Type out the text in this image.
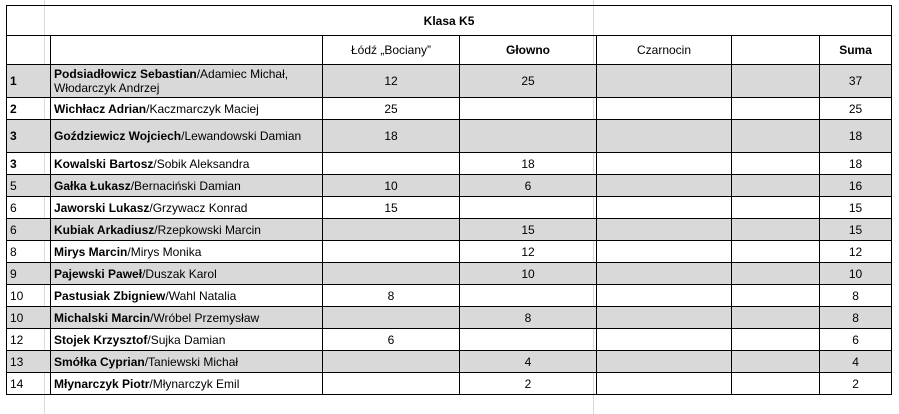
Klasa K5						
		Łódź „Bociany”	Głowno	Czarnocin		Suma
1	Podsiadłowicz Sebastian/Adamiec Michał, Włodarczyk Andrzej	12	25			37
2	Wichłacz Adrian/Kaczmarczyk Maciej	25				25
3	Goździewicz Wojciech/Lewandowski Damian	18				18
3	Kowalski Bartosz/Sobik Aleksandra		18			18
5	Gałka Łukasz/Bernaciński Damian	10	6			16
6	Jaworski Lukasz/Grzywacz Konrad	15				15
6	Kubiak Arkadiusz/Rzepkowski Marcin		15			15
8	Mirys Marcin/Mirys Monika		12			12
9	Pajewski Paweł/Duszak Karol		10			10
10	Pastusiak Zbigniew/Wahl Natalia	8				8
10	Michalski Marcin/Wróbel Przemysław		8			8
12	Stojek Krzysztof/Sujka Damian	6				6
13	Smółka Cyprian/Taniewski Michał		4			4
14	Młynarczyk Piotr/Młynarczyk Emil		2			2
